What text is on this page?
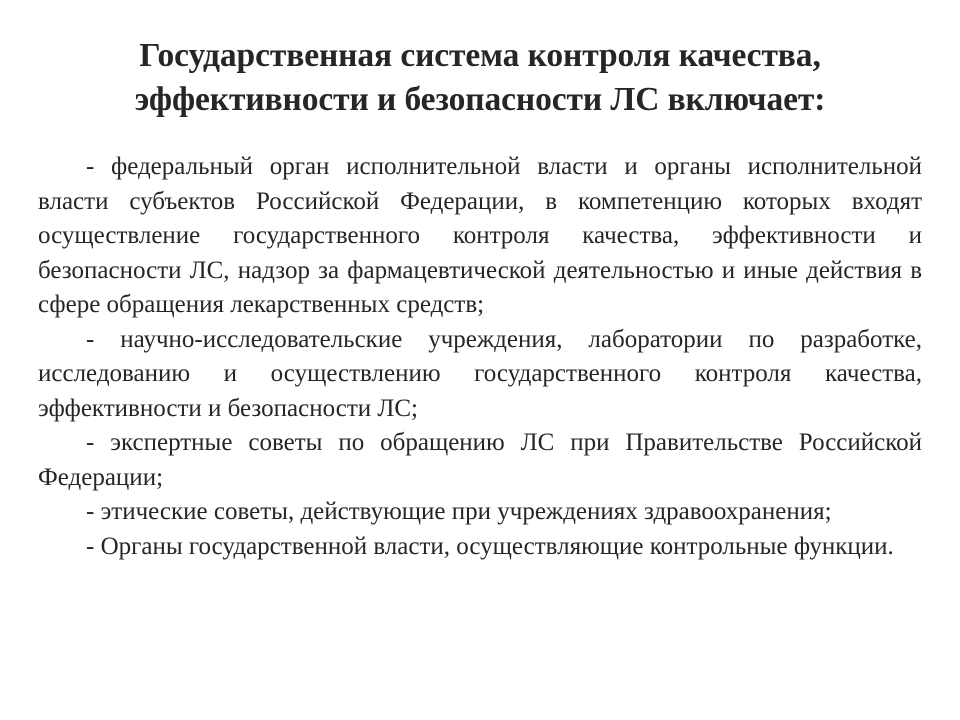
Государственная система контроля качества,
эффективности и безопасности ЛС включает:
- федеральный орган исполнительной власти и органы исполнительной власти субъектов Российской Федерации, в компетенцию которых входят осуществление государственного контроля качества, эффективности и безопасности ЛС, надзор за фармацевтической деятельностью и иные действия в сфере обращения лекарственных средств;
- научно-исследовательские учреждения, лаборатории по разработке, исследованию и осуществлению государственного контроля качества, эффективности и безопасности ЛС;
- экспертные советы по обращению ЛС при Правительстве Российской Федерации;
- этические советы, действующие при учреждениях здравоохранения;
- Органы государственной власти, осуществляющие контрольные функции.
